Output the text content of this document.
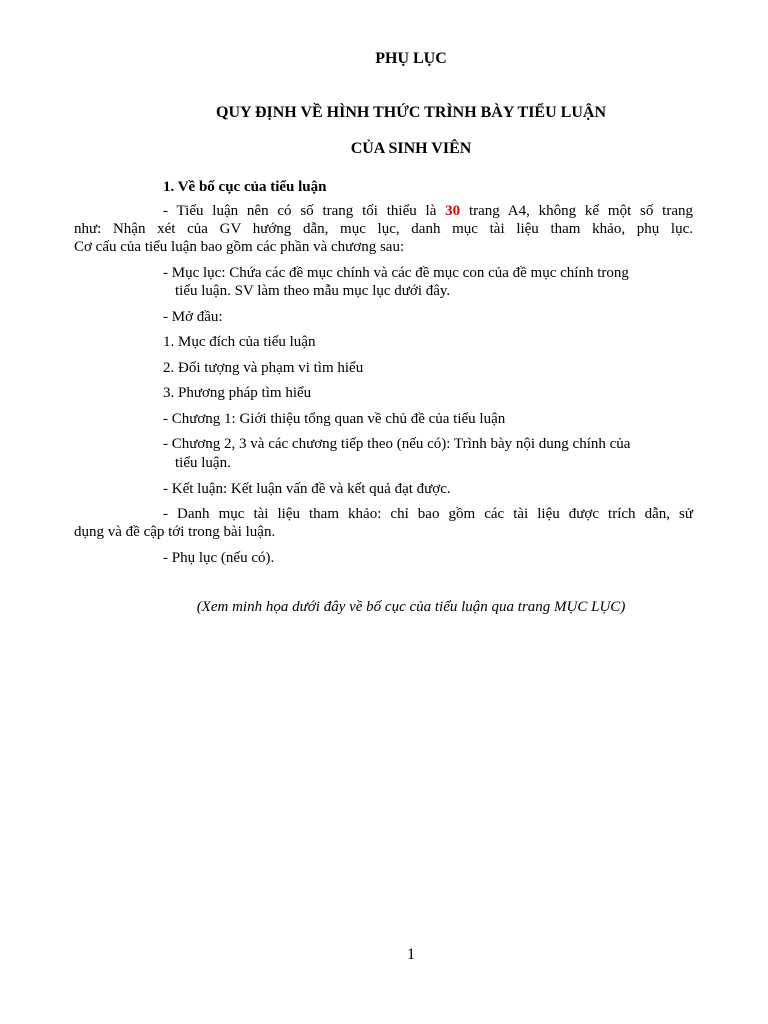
PHỤ LỤC
QUY ĐỊNH VỀ HÌNH THỨC TRÌNH BÀY TIỂU LUẬN
CỦA SINH VIÊN
1. Về bố cục của tiểu luận
- Tiểu luận nên có số trang tối thiểu là 30 trang A4, không kể một số trang
như: Nhận xét của GV hướng dẫn, mục lục, danh mục tài liệu tham khảo, phụ lục.
Cơ cấu của tiểu luận bao gồm các phần và chương sau:
- Mục lục: Chứa các đề mục chính và các đề mục con của đề mục chính trong
tiểu luận. SV làm theo mẫu mục lục dưới đây.
- Mở đầu:
1. Mục đích của tiểu luận
2. Đối tượng và phạm vi tìm hiểu
3. Phương pháp tìm hiểu
- Chương 1: Giới thiệu tổng quan về chủ đề của tiểu luận
- Chương 2, 3 và các chương tiếp theo (nếu có): Trình bày nội dung chính của
tiểu luận.
- Kết luận: Kết luận vấn đề và kết quả đạt được.
- Danh mục tài liệu tham khảo: chỉ bao gồm các tài liệu được trích dẫn, sử
dụng và đề cập tới trong bài luận.
- Phụ lục (nếu có).
(Xem minh họa dưới đây về bố cục của tiểu luận qua trang MỤC LỤC)
1
